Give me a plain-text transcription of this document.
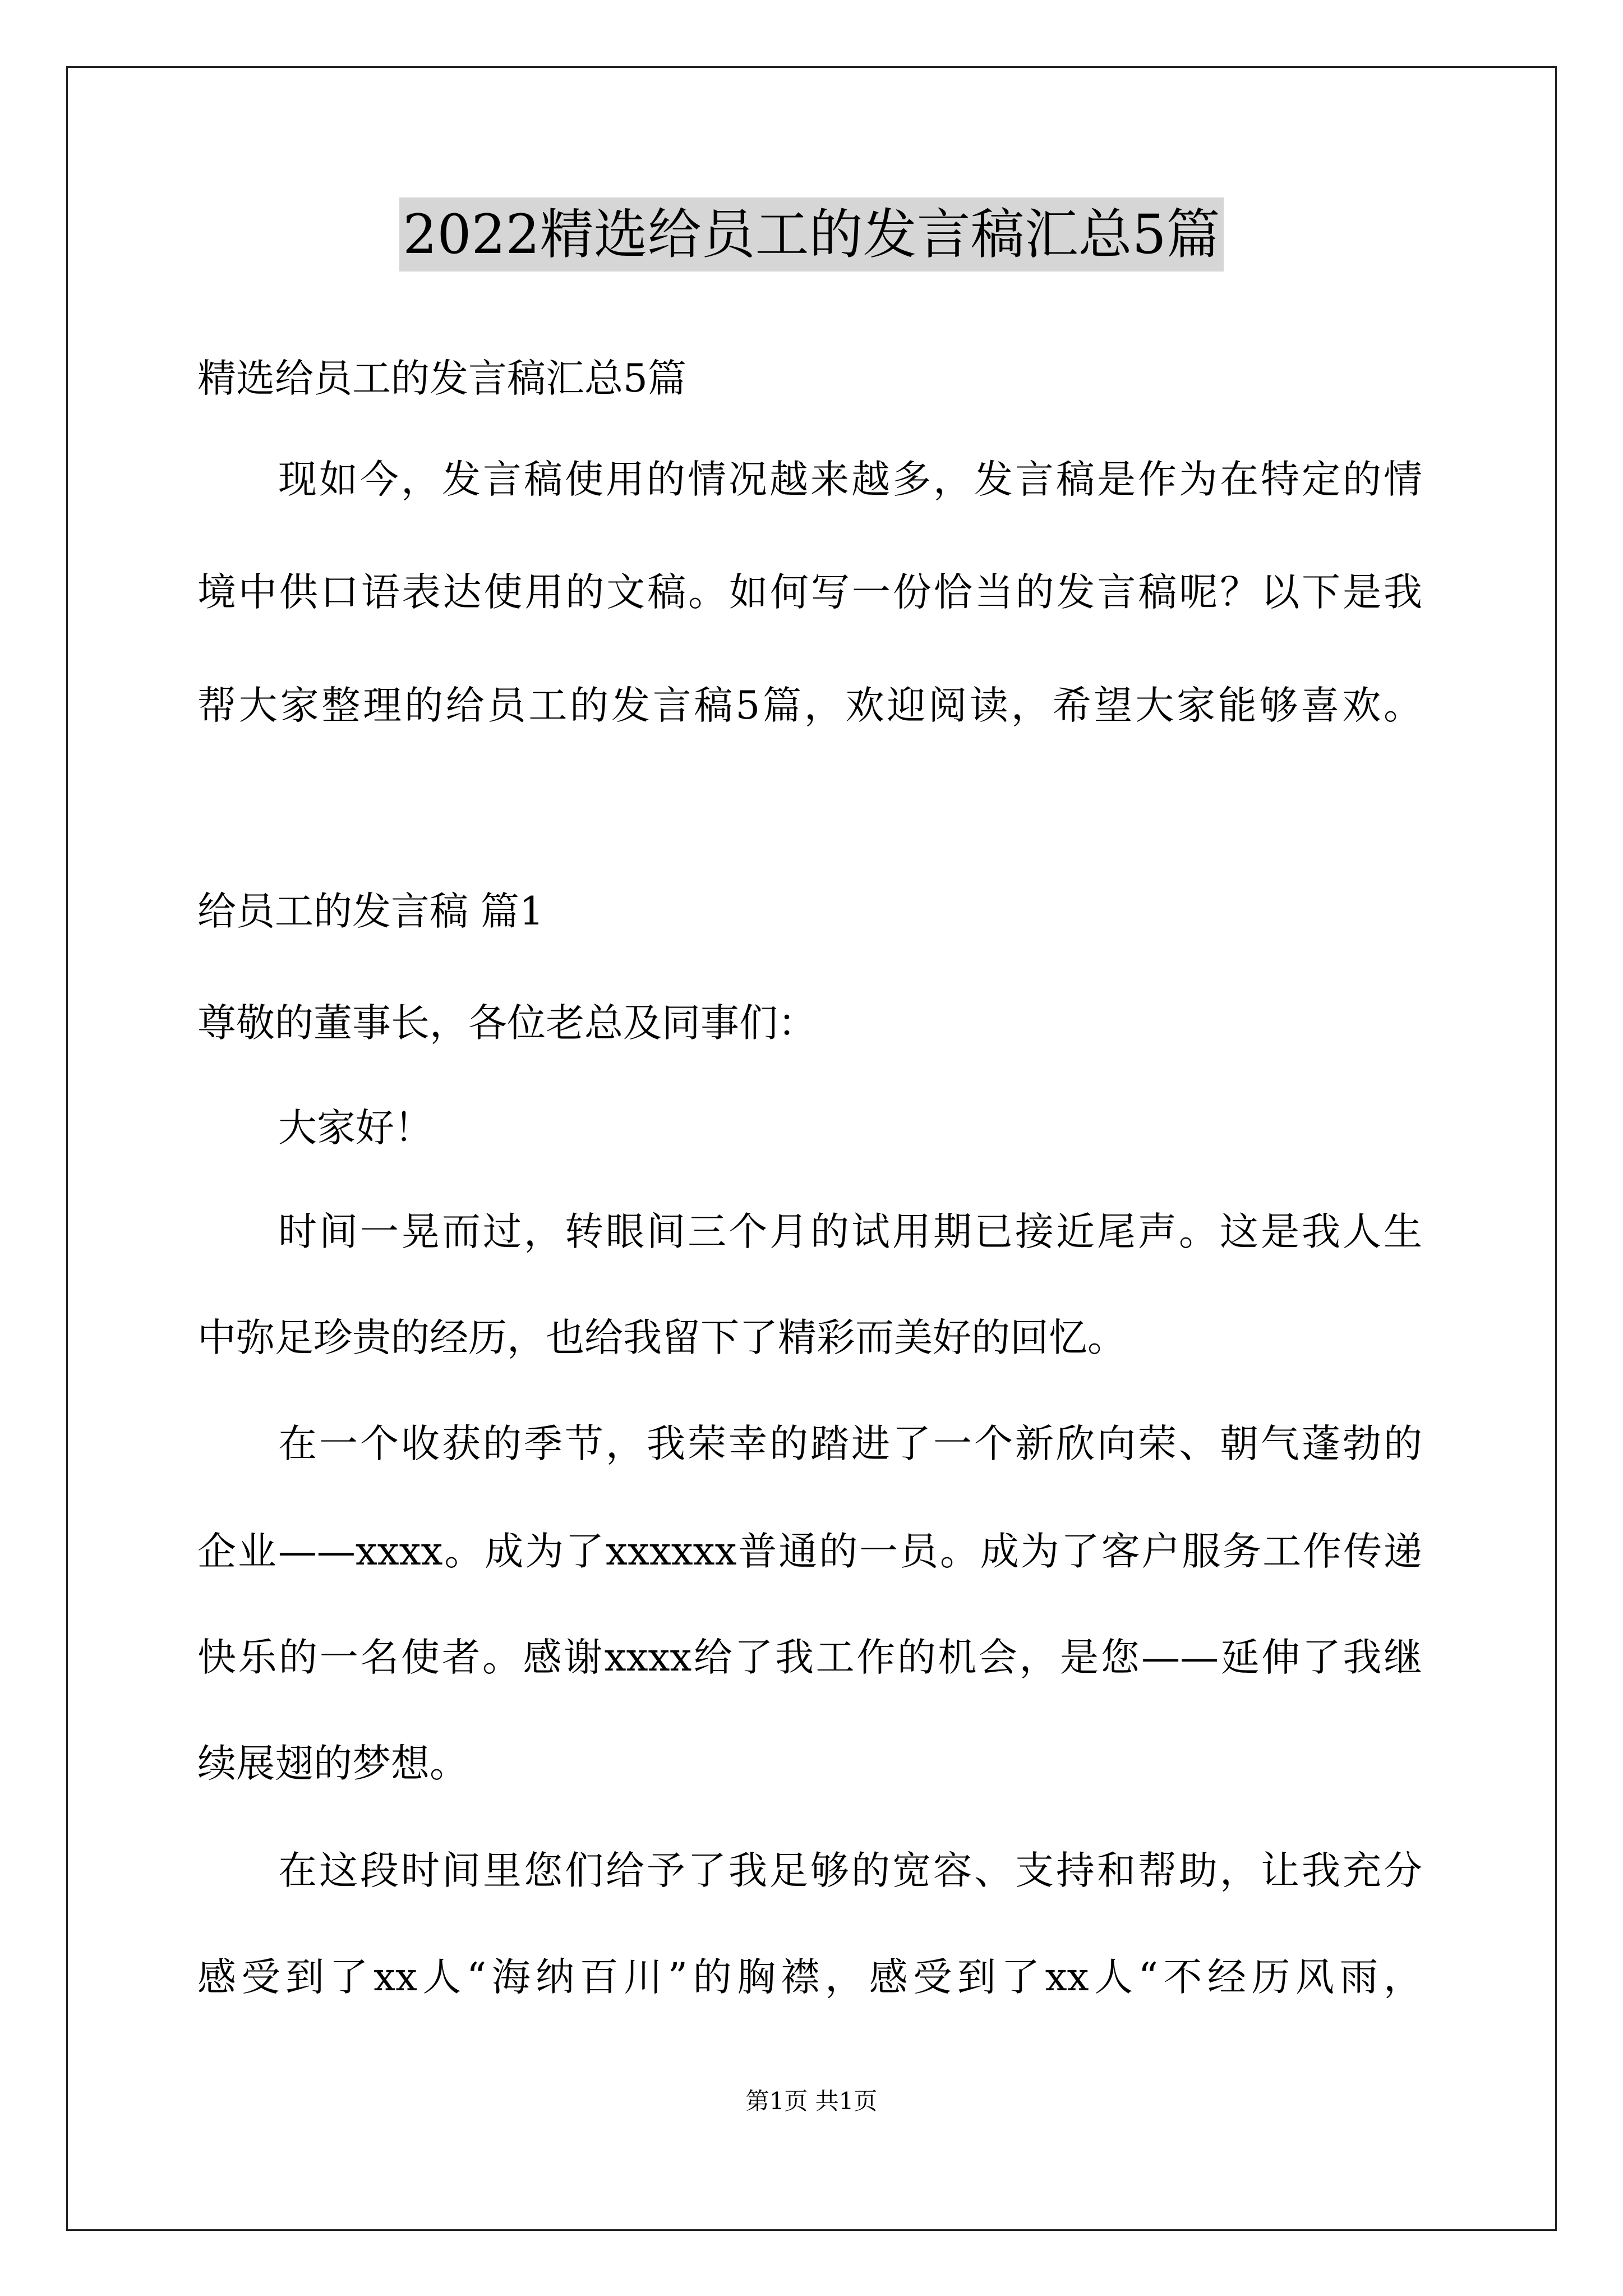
2022精选给员工的发言稿汇总5篇

精选给员工的发言稿汇总5篇

现如今，发言稿使用的情况越来越多，发言稿是作为在特定的情

境中供口语表达使用的文稿。如何写一份恰当的发言稿呢？以下是我

帮大家整理的给员工的发言稿5篇，欢迎阅读，希望大家能够喜欢。

给员工的发言稿 篇1

尊敬的董事长，各位老总及同事们：

大家好！

时间一晃而过，转眼间三个月的试用期已接近尾声。这是我人生

中弥足珍贵的经历，也给我留下了精彩而美好的回忆。

在一个收获的季节，我荣幸的踏进了一个新欣向荣、朝气蓬勃的

企业——xxxx。成为了xxxxxx普通的一员。成为了客户服务工作传递

快乐的一名使者。感谢xxxx给了我工作的机会，是您——延伸了我继

续展翅的梦想。

在这段时间里您们给予了我足够的宽容、支持和帮助，让我充分

感受到了xx人“海纳百川”的胸襟，感受到了xx人“不经历风雨，

第1页 共1页
